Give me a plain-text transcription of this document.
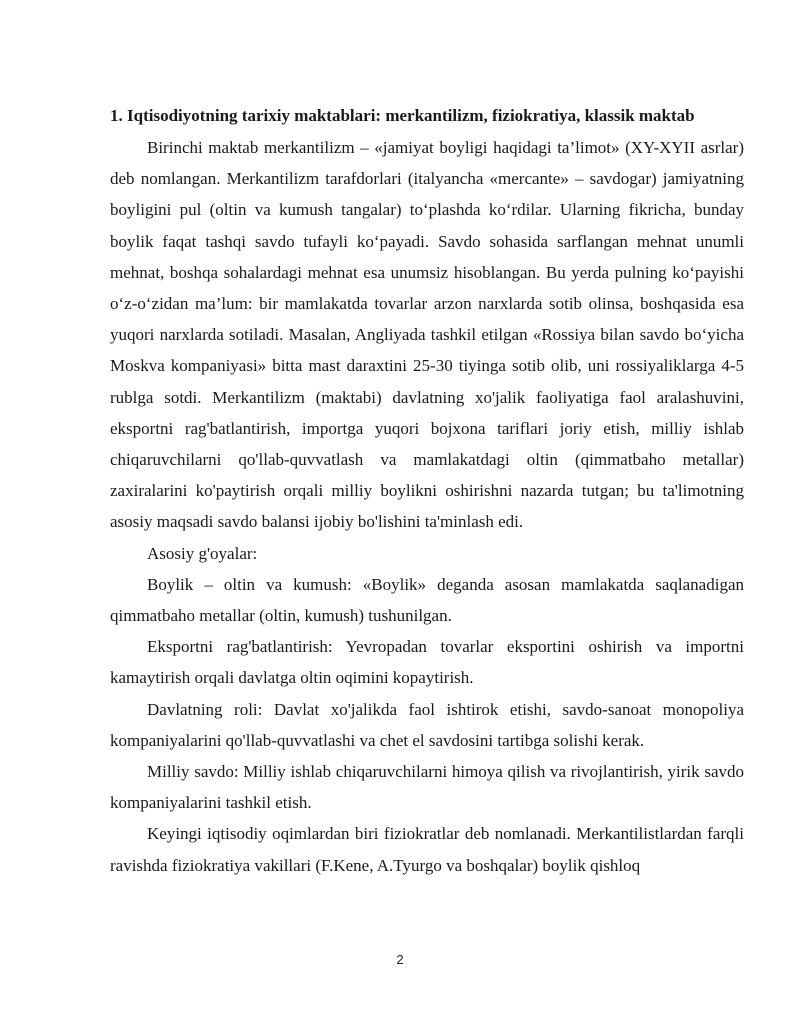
1. Iqtisodiyotning tarixiy maktablari: merkantilizm, fiziokratiya, klassik maktab

Birinchi maktab merkantilizm – «jamiyat boyligi haqidagi ta’limot» (XY-XYII asrlar) deb nomlangan. Merkantilizm tarafdorlari (italyancha «mercante» – savdogar) jamiyatning boyligini pul (oltin va kumush tangalar) to‘plashda ko‘rdilar. Ularning fikricha, bunday boylik faqat tashqi savdo tufayli ko‘payadi. Savdo sohasida sarflangan mehnat unumli mehnat, boshqa sohalardagi mehnat esa unumsiz hisoblangan. Bu yerda pulning ko‘payishi o‘z-o‘zidan ma’lum: bir mamlakatda tovarlar arzon narxlarda sotib olinsa, boshqasida esa yuqori narxlarda sotiladi. Masalan, Angliyada tashkil etilgan «Rossiya bilan savdo bo‘yicha Moskva kompaniyasi» bitta mast daraxtini 25-30 tiyinga sotib olib, uni rossiyaliklarga 4-5 rublga sotdi. Merkantilizm (maktabi) davlatning xo'jalik faoliyatiga faol aralashuvini, eksportni rag'batlantirish, importga yuqori bojxona tariflari joriy etish, milliy ishlab chiqaruvchilarni qo'llab-quvvatlash va mamlakatdagi oltin (qimmatbaho metallar) zaxiralarini ko'paytirish orqali milliy boylikni oshirishni nazarda tutgan; bu ta'limotning asosiy maqsadi savdo balansi ijobiy bo'lishini ta'minlash edi.

Asosiy g'oyalar:

Boylik – oltin va kumush: «Boylik» deganda asosan mamlakatda saqlanadigan qimmatbaho metallar (oltin, kumush) tushunilgan.

Eksportni rag'batlantirish: Yevropadan tovarlar eksportini oshirish va importni kamaytirish orqali davlatga oltin oqimini kopaytirish.

Davlatning roli: Davlat xo'jalikda faol ishtirok etishi, savdo-sanoat monopoliya kompaniyalarini qo'llab-quvvatlashi va chet el savdosini tartibga solishi kerak.

Milliy savdo: Milliy ishlab chiqaruvchilarni himoya qilish va rivojlantirish, yirik savdo kompaniyalarini tashkil etish.

Keyingi iqtisodiy oqimlardan biri fiziokratlar deb nomlanadi. Merkantilistlardan farqli ravishda fiziokratiya vakillari (F.Kene, A.Tyurgo va boshqalar) boylik qishloq

2
